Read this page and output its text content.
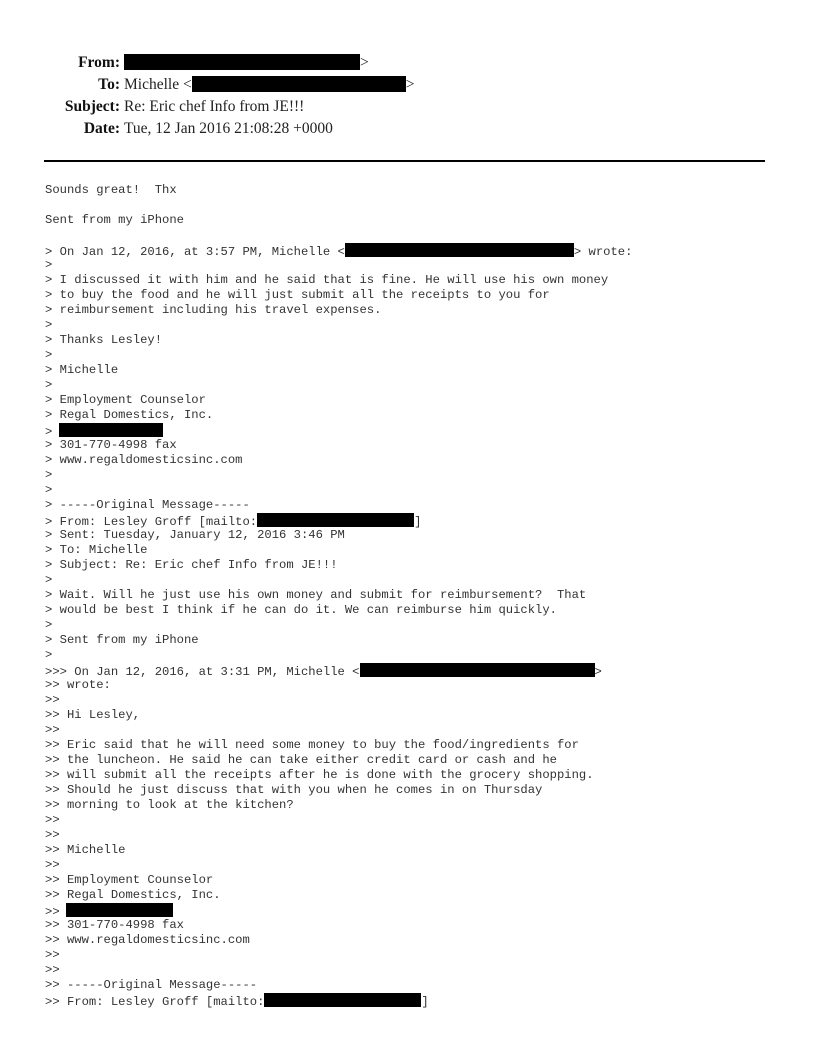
From:	>
To: Michelle <	>
Subject: Re: Eric chef Info from JE!!!
Date: Tue, 12 Jan 2016 21:08:28 +0000
Sounds great!  Thx
Sent from my iPhone
> On Jan 12, 2016, at 3:57 PM, Michelle <	> wrote:
>
> I discussed it with him and he said that is fine. He will use his own money
> to buy the food and he will just submit all the receipts to you for
> reimbursement including his travel expenses.
>
> Thanks Lesley!
>
> Michelle
>
> Employment Counselor
> Regal Domestics, Inc.
>
> 301-770-4998 fax
> www.regaldomesticsinc.com
>
>
> -----Original Message-----
> From: Lesley Groff [mailto:	]
> Sent: Tuesday, January 12, 2016 3:46 PM
> To: Michelle
> Subject: Re: Eric chef Info from JE!!!
>
> Wait. Will he just use his own money and submit for reimbursement?  That
> would be best I think if he can do it. We can reimburse him quickly.
>
> Sent from my iPhone
>
>>> On Jan 12, 2016, at 3:31 PM, Michelle <	>
>> wrote:
>>
>> Hi Lesley,
>>
>> Eric said that he will need some money to buy the food/ingredients for
>> the luncheon. He said he can take either credit card or cash and he
>> will submit all the receipts after he is done with the grocery shopping.
>> Should he just discuss that with you when he comes in on Thursday
>> morning to look at the kitchen?
>>
>>
>> Michelle
>>
>> Employment Counselor
>> Regal Domestics, Inc.
>>
>> 301-770-4998 fax
>> www.regaldomesticsinc.com
>>
>>
>> -----Original Message-----
>> From: Lesley Groff [mailto:	]
